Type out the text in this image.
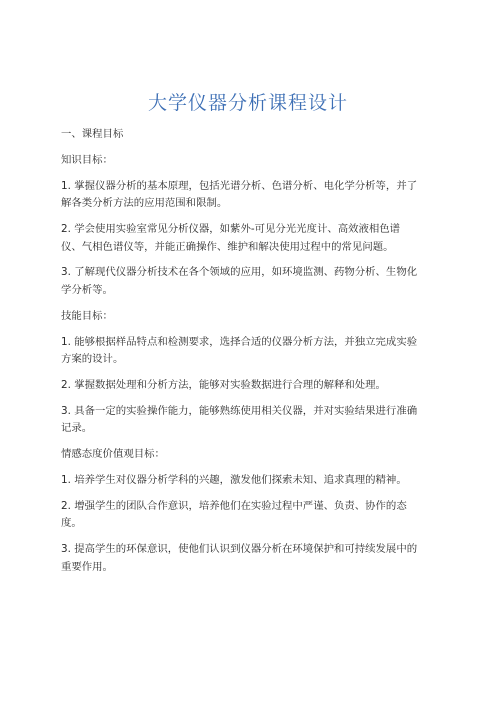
大学仪器分析课程设计
一、课程目标
知识目标：
1. 掌握仪器分析的基本原理，包括光谱分析、色谱分析、电化学分析等，并了
解各类分析方法的应用范围和限制。
2. 学会使用实验室常见分析仪器，如紫外-可见分光光度计、高效液相色谱
仪、气相色谱仪等，并能正确操作、维护和解决使用过程中的常见问题。
3. 了解现代仪器分析技术在各个领域的应用，如环境监测、药物分析、生物化
学分析等。
技能目标：
1. 能够根据样品特点和检测要求，选择合适的仪器分析方法，并独立完成实验
方案的设计。
2. 掌握数据处理和分析方法，能够对实验数据进行合理的解释和处理。
3. 具备一定的实验操作能力，能够熟练使用相关仪器，并对实验结果进行准确
记录。
情感态度价值观目标：
1. 培养学生对仪器分析学科的兴趣，激发他们探索未知、追求真理的精神。
2. 增强学生的团队合作意识，培养他们在实验过程中严谨、负责、协作的态
度。
3. 提高学生的环保意识，使他们认识到仪器分析在环境保护和可持续发展中的
重要作用。
